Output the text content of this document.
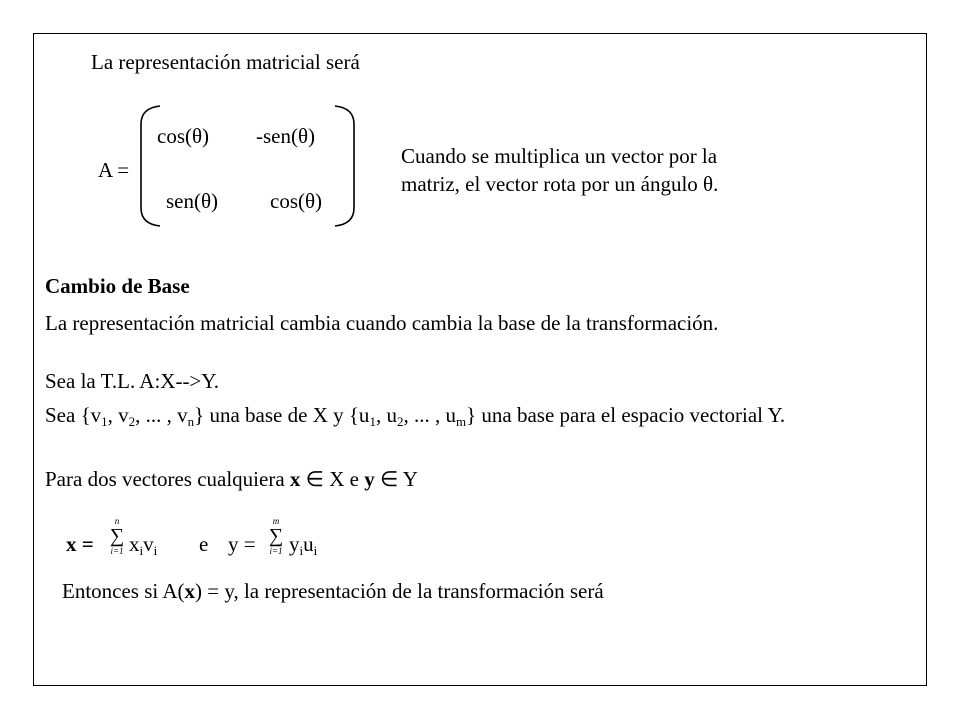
La representación matricial será
A =
cos(θ) -sen(θ)
sen(θ) cos(θ)
Cuando se multiplica un vector por la
matriz, el vector rota por un ángulo θ.
Cambio de Base
La representación matricial cambia cuando cambia la base de la transformación.
Sea la T.L. A:X-->Y.
Sea {$v_1$, $v_2$, ... , $v_n$} una base de X y {$u_1$, $u_2$, ... , $u_m$} una base para el espacio vectorial Y.
Para dos vectores cualquiera x ∈ X e y ∈ Y
x =
n
∑
i=1 $x_iv_i$ e y =
m
∑
i=1 $y_iu_i$
Entonces si A(x) = y, la representación de la transformación será
